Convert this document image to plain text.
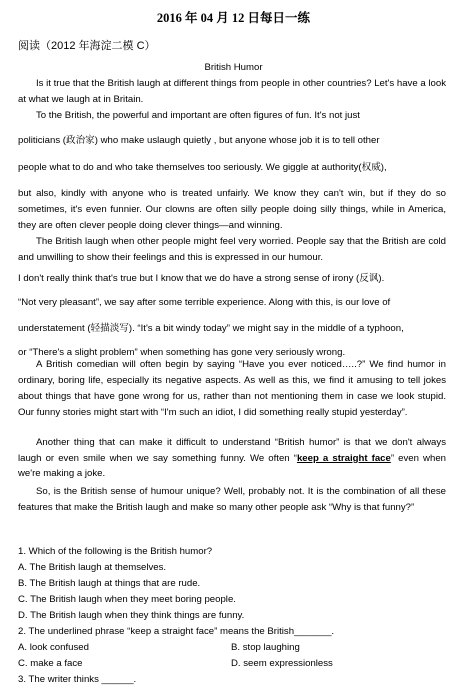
2016 年 04 月 12 日每日一练
阅读（2012 年海淀二模 C）
British Humor

Is it true that the British laugh at different things from people in other countries? Let's have a look at what we laugh at in Britain.

To the British, the powerful and important are often figures of fun. It's not just
politicians (政治家) who make uslaugh quietly , but anyone whose job it is to tell other
people what to do and who take themselves too seriously. We giggle at authority(权威),
but also, kindly with anyone who is treated unfairly. We know they can't win, but if they do so sometimes, it's even funnier. Our clowns are often silly people doing silly things, while in America, they are often clever people doing clever things—and winning.
The British laugh when other people might feel very worried. People say that the British are cold and unwilling to show their feelings and this is expressed in our humour.
I don't really think that's true but I know that we do have a strong sense of irony (反讽).
“Not very pleasant”, we say after some terrible experience. Along with this, is our love of
understatement (轻描淡写). “It's a bit windy today” we might say in the middle of a typhoon,
or “There's a slight problem” when something has gone very seriously wrong.

A British comedian will often begin by saying “Have you ever noticed…..?” We find humor in ordinary, boring life, especially its negative aspects. As well as this, we find it amusing to tell jokes about things that have gone wrong for us, rather than not mentioning them in case we look stupid. Our funny stories might start with “I'm such an idiot, I did something really stupid yesterday”.

Another thing that can make it difficult to understand “British humor” is that we don't always laugh or even smile when we say something funny. We often “keep a straight face” even when we're making a joke.

So, is the British sense of humour unique? Well, probably not. It is the combination of all these features that make the British laugh and make so many other people ask “Why is that funny?”

1. Which of the following is the British humor?
A. The British laugh at themselves.
B. The British laugh at things that are rude.
C. The British laugh when they meet boring people.
D. The British laugh when they think things are funny.
2. The underlined phrase “keep a straight face” means the British_______.
A. look confused	B. stop laughing
C. make a face	D. seem expressionless
3. The writer thinks ______.
